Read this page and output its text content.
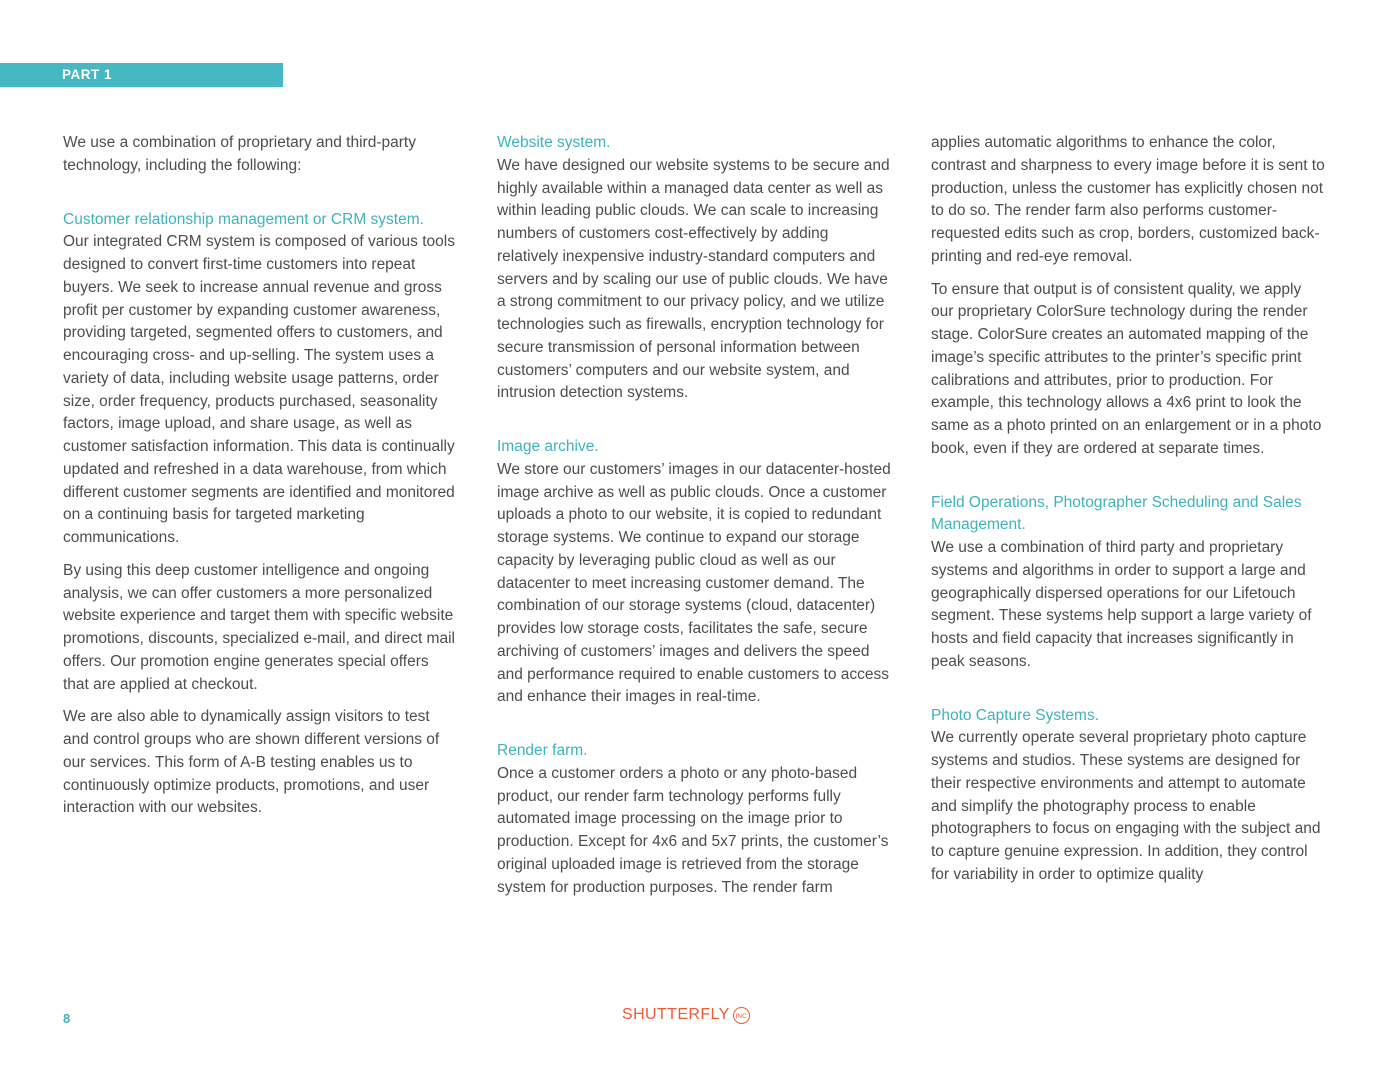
PART 1

We use a combination of proprietary and third-party technology, including the following:

Customer relationship management or CRM system.

Our integrated CRM system is composed of various tools designed to convert first-time customers into repeat buyers. We seek to increase annual revenue and gross profit per customer by expanding customer awareness, providing targeted, segmented offers to customers, and encouraging cross- and up-selling. The system uses a variety of data, including website usage patterns, order size, order frequency, products purchased, seasonality factors, image upload, and share usage, as well as customer satisfaction information. This data is continually updated and refreshed in a data warehouse, from which different customer segments are identified and monitored on a continuing basis for targeted marketing communications.

By using this deep customer intelligence and ongoing analysis, we can offer customers a more personalized website experience and target them with specific website promotions, discounts, specialized e-mail, and direct mail offers. Our promotion engine generates special offers that are applied at checkout.

We are also able to dynamically assign visitors to test and control groups who are shown different versions of our services. This form of A-B testing enables us to continuously optimize products, promotions, and user interaction with our websites.

Website system.

We have designed our website systems to be secure and highly available within a managed data center as well as within leading public clouds. We can scale to increasing numbers of customers cost-effectively by adding relatively inexpensive industry-standard computers and servers and by scaling our use of public clouds. We have a strong commitment to our privacy policy, and we utilize technologies such as firewalls, encryption technology for secure transmission of personal information between customers’ computers and our website system, and intrusion detection systems.

Image archive.

We store our customers’ images in our datacenter-hosted image archive as well as public clouds. Once a customer uploads a photo to our website, it is copied to redundant storage systems. We continue to expand our storage capacity by leveraging public cloud as well as our datacenter to meet increasing customer demand. The combination of our storage systems (cloud, datacenter) provides low storage costs, facilitates the safe, secure archiving of customers’ images and delivers the speed and performance required to enable customers to access and enhance their images in real-time.

Render farm.

Once a customer orders a photo or any photo-based product, our render farm technology performs fully automated image processing on the image prior to production. Except for 4x6 and 5x7 prints, the customer’s original uploaded image is retrieved from the storage system for production purposes. The render farm

applies automatic algorithms to enhance the color, contrast and sharpness to every image before it is sent to production, unless the customer has explicitly chosen not to do so. The render farm also performs customer-requested edits such as crop, borders, customized back-printing and red-eye removal.

To ensure that output is of consistent quality, we apply our proprietary ColorSure technology during the render stage. ColorSure creates an automated mapping of the image’s specific attributes to the printer’s specific print calibrations and attributes, prior to production. For example, this technology allows a 4x6 print to look the same as a photo printed on an enlargement or in a photo book, even if they are ordered at separate times.

Field Operations, Photographer Scheduling and Sales Management.

We use a combination of third party and proprietary systems and algorithms in order to support a large and geographically dispersed operations for our Lifetouch segment. These systems help support a large variety of hosts and field capacity that increases significantly in peak seasons.

Photo Capture Systems.

We currently operate several proprietary photo capture systems and studios. These systems are designed for their respective environments and attempt to automate and simplify the photography process to enable photographers to focus on engaging with the subject and to capture genuine expression. In addition, they control for variability in order to optimize quality

8	SHUTTERFLY INC
